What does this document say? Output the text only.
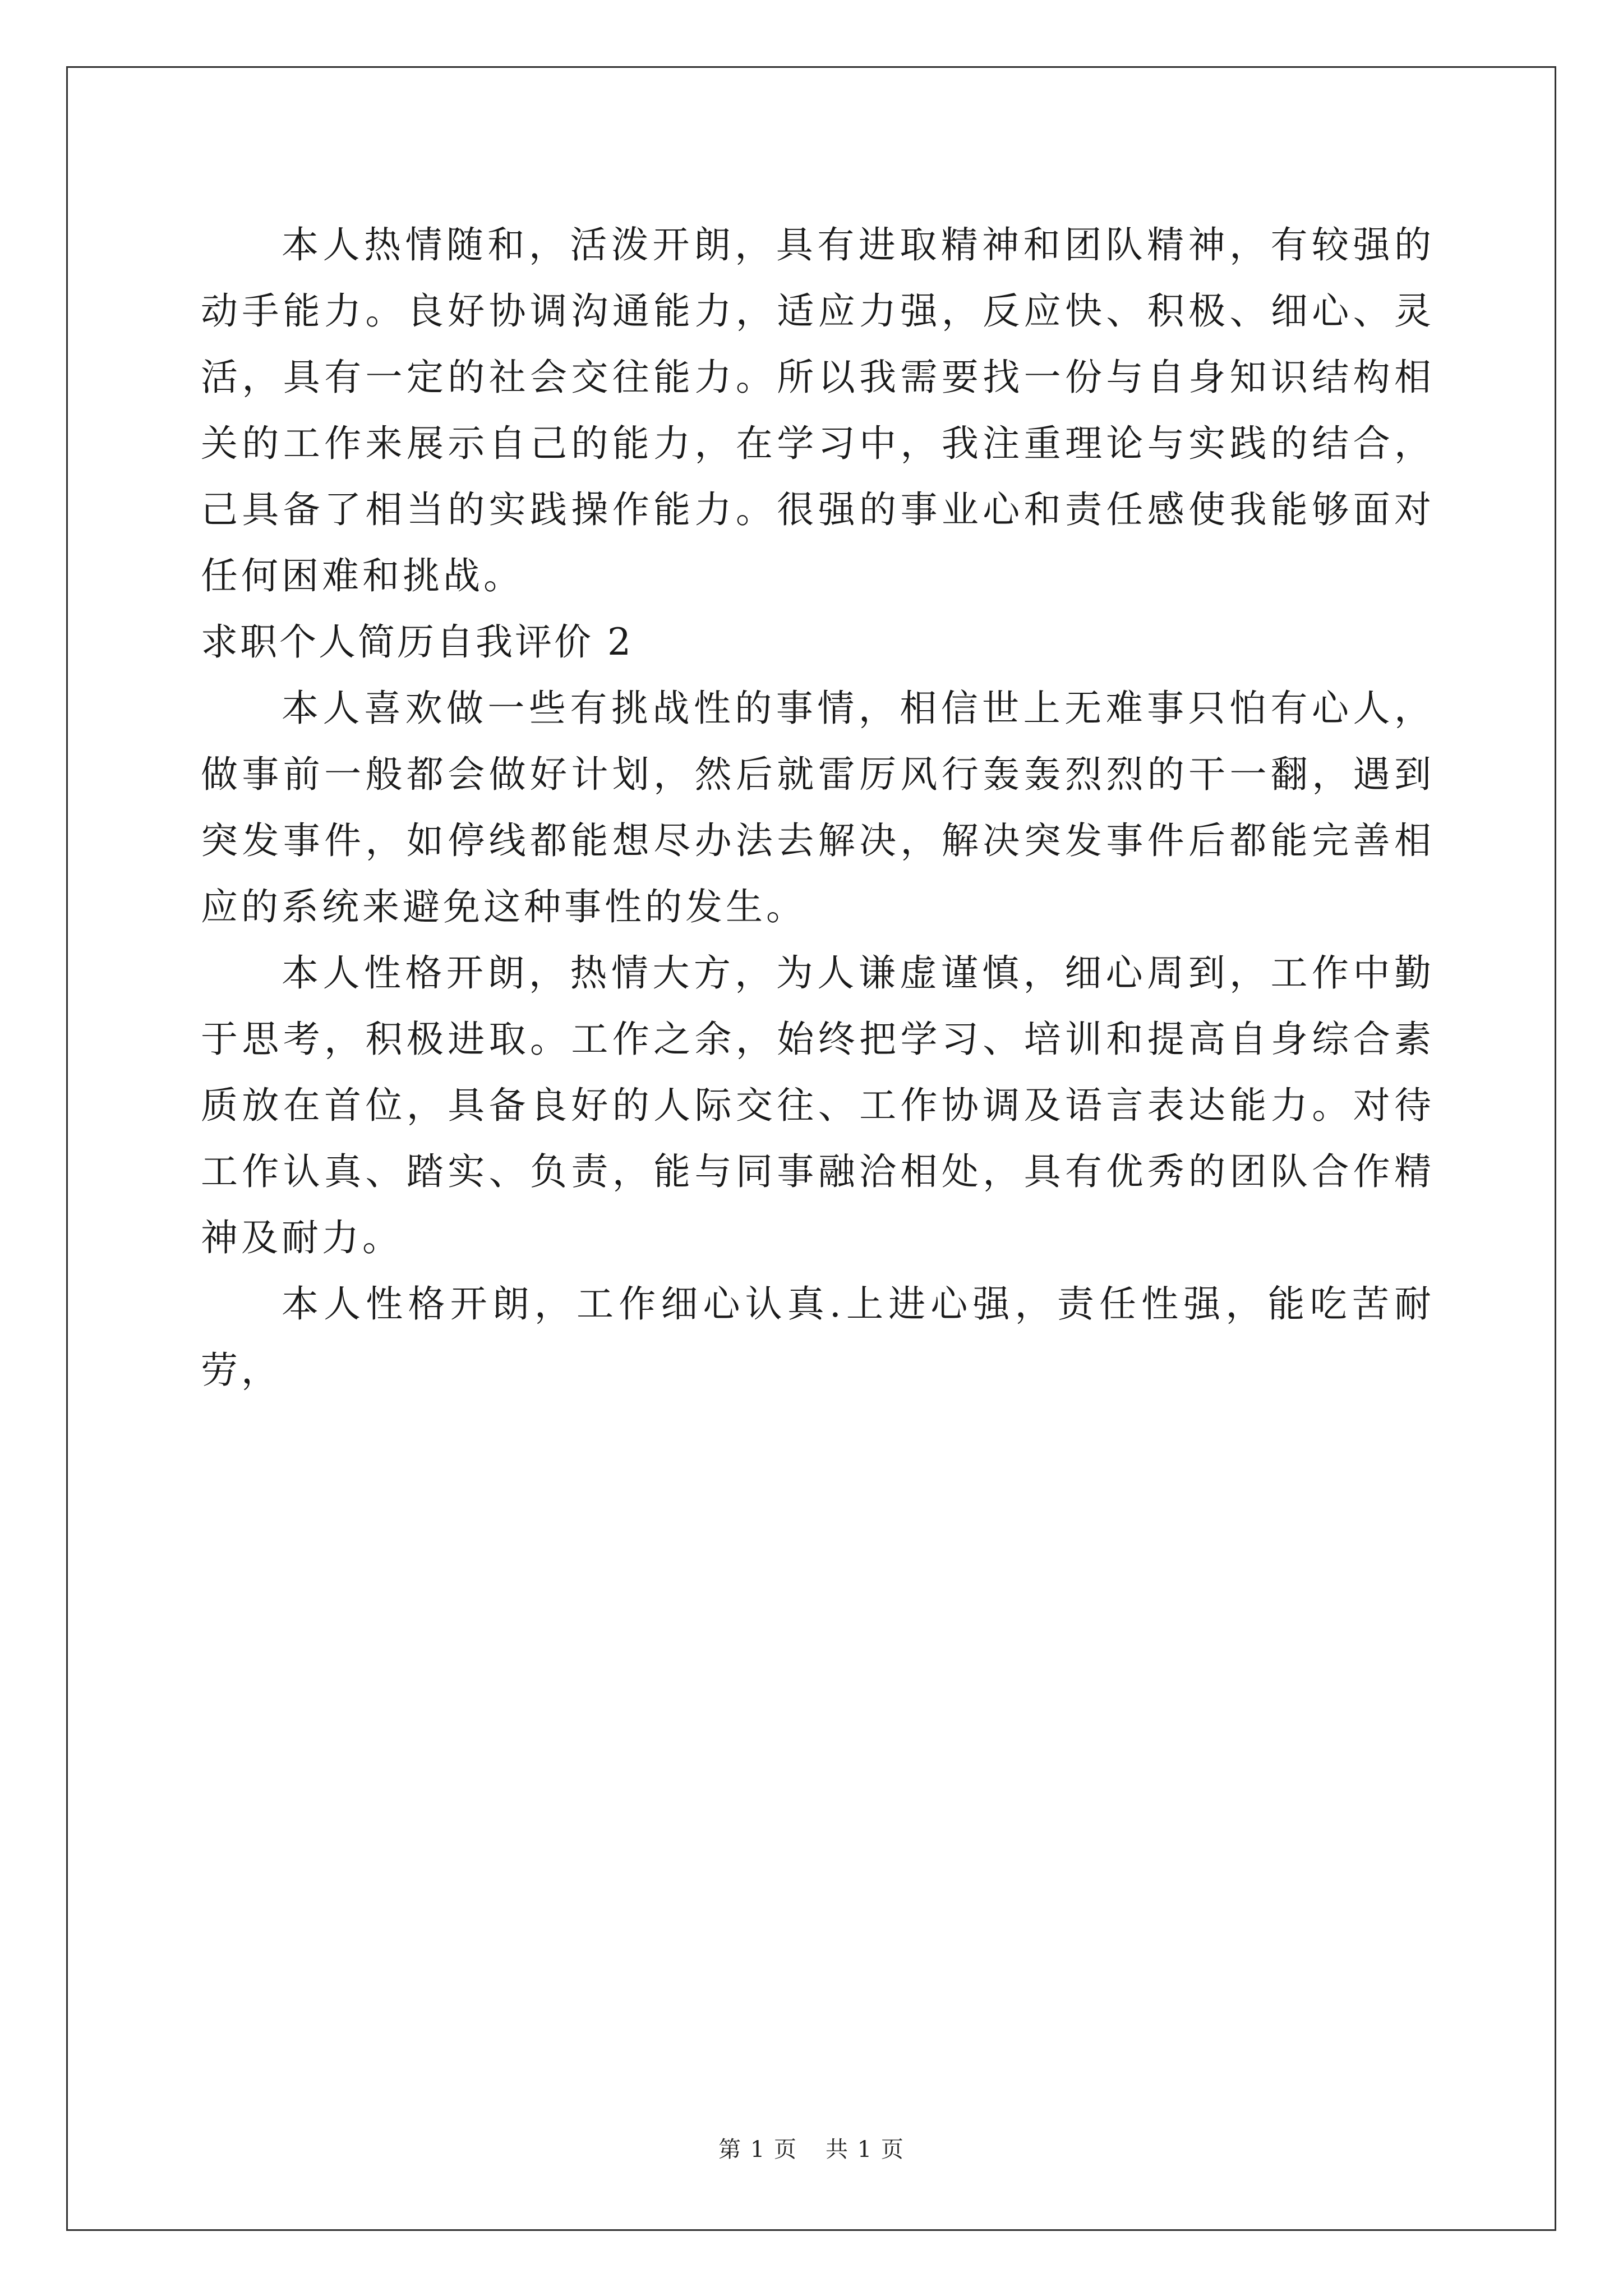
本人热情随和，活泼开朗，具有进取精神和团队精神，有较强的动手能力。良好协调沟通能力，适应力强，反应快、积极、细心、灵活，具有一定的社会交往能力。所以我需要找一份与自身知识结构相关的工作来展示自己的能力，在学习中，我注重理论与实践的结合，己具备了相当的实践操作能力。很强的事业心和责任感使我能够面对任何困难和挑战。

求职个人简历自我评价 2

本人喜欢做一些有挑战性的事情，相信世上无难事只怕有心人，做事前一般都会做好计划，然后就雷厉风行轰轰烈烈的干一翻，遇到突发事件，如停线都能想尽办法去解决，解决突发事件后都能完善相应的系统来避免这种事性的发生。

本人性格开朗，热情大方，为人谦虚谨慎，细心周到，工作中勤于思考，积极进取。工作之余，始终把学习、培训和提高自身综合素质放在首位，具备良好的人际交往、工作协调及语言表达能力。对待工作认真、踏实、负责，能与同事融洽相处，具有优秀的团队合作精神及耐力。

本人性格开朗，工作细心认真.上进心强，责任性强，能吃苦耐劳，

第 1 页 共 1 页
